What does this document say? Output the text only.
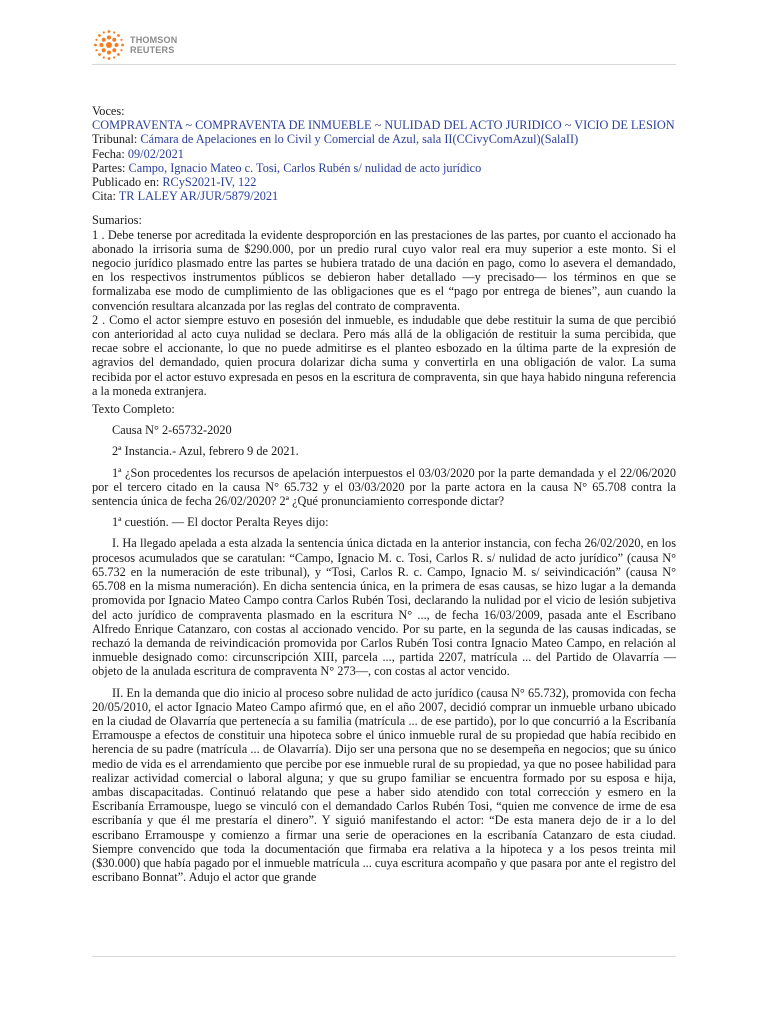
THOMSON
REUTERS
Voces:
COMPRAVENTA ~ COMPRAVENTA DE INMUEBLE ~ NULIDAD DEL ACTO JURIDICO ~ VICIO DE LESION
Tribunal: Cámara de Apelaciones en lo Civil y Comercial de Azul, sala II(CCivyComAzul)(SalaII)
Fecha: 09/02/2021
Partes: Campo, Ignacio Mateo c. Tosi, Carlos Rubén s/ nulidad de acto jurídico
Publicado en: RCyS2021-IV, 122
Cita: TR LALEY AR/JUR/5879/2021
Sumarios:
1 . Debe tenerse por acreditada la evidente desproporción en las prestaciones de las partes, por cuanto el accionado ha abonado la irrisoria suma de $290.000, por un predio rural cuyo valor real era muy superior a este monto. Si el negocio jurídico plasmado entre las partes se hubiera tratado de una dación en pago, como lo asevera el demandado, en los respectivos instrumentos públicos se debieron haber detallado —y precisado— los términos en que se formalizaba ese modo de cumplimiento de las obligaciones que es el “pago por entrega de bienes”, aun cuando la convención resultara alcanzada por las reglas del contrato de compraventa.
2 . Como el actor siempre estuvo en posesión del inmueble, es indudable que debe restituir la suma de que percibió con anterioridad al acto cuya nulidad se declara. Pero más allá de la obligación de restituir la suma percibida, que recae sobre el accionante, lo que no puede admitirse es el planteo esbozado en la última parte de la expresión de agravios del demandado, quien procura dolarizar dicha suma y convertirla en una obligación de valor. La suma recibida por el actor estuvo expresada en pesos en la escritura de compraventa, sin que haya habido ninguna referencia a la moneda extranjera.
Texto Completo:
Causa N° 2-65732-2020
2ª Instancia.- Azul, febrero 9 de 2021.
1ª ¿Son procedentes los recursos de apelación interpuestos el 03/03/2020 por la parte demandada y el 22/06/2020 por el tercero citado en la causa N° 65.732 y el 03/03/2020 por la parte actora en la causa N° 65.708 contra la sentencia única de fecha 26/02/2020? 2ª ¿Qué pronunciamiento corresponde dictar?
1ª cuestión. — El doctor Peralta Reyes dijo:
I. Ha llegado apelada a esta alzada la sentencia única dictada en la anterior instancia, con fecha 26/02/2020, en los procesos acumulados que se caratulan: “Campo, Ignacio M. c. Tosi, Carlos R. s/ nulidad de acto jurídico” (causa N° 65.732 en la numeración de este tribunal), y “Tosi, Carlos R. c. Campo, Ignacio M. s/ seivindicación” (causa N° 65.708 en la misma numeración). En dicha sentencia única, en la primera de esas causas, se hizo lugar a la demanda promovida por Ignacio Mateo Campo contra Carlos Rubén Tosi, declarando la nulidad por el vicio de lesión subjetiva del acto jurídico de compraventa plasmado en la escritura N° ..., de fecha 16/03/2009, pasada ante el Escribano Alfredo Enrique Catanzaro, con costas al accionado vencido. Por su parte, en la segunda de las causas indicadas, se rechazó la demanda de reivindicación promovida por Carlos Rubén Tosi contra Ignacio Mateo Campo, en relación al inmueble designado como: circunscripción XIII, parcela ..., partida 2207, matrícula ... del Partido de Olavarría —objeto de la anulada escritura de compraventa N° 273—, con costas al actor vencido.
II. En la demanda que dio inicio al proceso sobre nulidad de acto jurídico (causa N° 65.732), promovida con fecha 20/05/2010, el actor Ignacio Mateo Campo afirmó que, en el año 2007, decidió comprar un inmueble urbano ubicado en la ciudad de Olavarría que pertenecía a su familia (matrícula ... de ese partido), por lo que concurrió a la Escribanía Erramouspe a efectos de constituir una hipoteca sobre el único inmueble rural de su propiedad que había recibido en herencia de su padre (matrícula ... de Olavarría). Dijo ser una persona que no se desempeña en negocios; que su único medio de vida es el arrendamiento que percibe por ese inmueble rural de su propiedad, ya que no posee habilidad para realizar actividad comercial o laboral alguna; y que su grupo familiar se encuentra formado por su esposa e hija, ambas discapacitadas. Continuó relatando que pese a haber sido atendido con total corrección y esmero en la Escribanía Erramouspe, luego se vinculó con el demandado Carlos Rubén Tosi, “quien me convence de irme de esa escribanía y que él me prestaría el dinero”. Y siguió manifestando el actor: “De esta manera dejo de ir a lo del escribano Erramouspe y comienzo a firmar una serie de operaciones en la escribanía Catanzaro de esta ciudad. Siempre convencido que toda la documentación que firmaba era relativa a la hipoteca y a los pesos treinta mil ($30.000) que había pagado por el inmueble matrícula ... cuya escritura acompaño y que pasara por ante el registro del escribano Bonnat”. Adujo el actor que grande
